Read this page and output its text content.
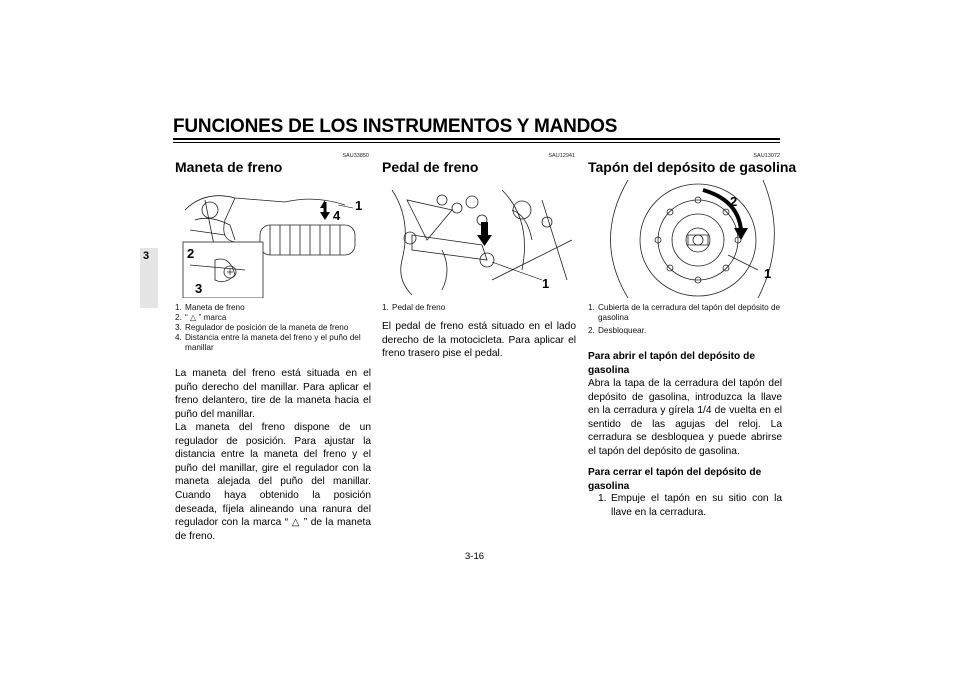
FUNCIONES DE LOS INSTRUMENTOS Y MANDOS
3
SAU33850
Maneta de freno
1
4
2
3
1. Maneta de freno
2. “ △ ” marca
3. Regulador de posición de la maneta de freno
4. Distancia entre la maneta del freno y el puño del manillar
La maneta del freno está situada en el puño derecho del manillar. Para aplicar el freno delantero, tire de la maneta hacia el puño del manillar.
La maneta del freno dispone de un regulador de posición. Para ajustar la distancia entre la maneta del freno y el puño del manillar, gire el regulador con la maneta alejada del puño del manillar. Cuando haya obtenido la posición deseada, fíjela alineando una ranura del regulador con la marca “ △ ” de la maneta de freno.
SAU12941
Pedal de freno
1
1. Pedal de freno
El pedal de freno está situado en el lado derecho de la motocicleta. Para aplicar el freno trasero pise el pedal.
SAU13072
Tapón del depósito de gasolina
2
1
1. Cubierta de la cerradura del tapón del depósito de gasolina
2. Desbloquear.
Para abrir el tapón del depósito de gasolina
Abra la tapa de la cerradura del tapón del depósito de gasolina, introduzca la llave en la cerradura y gírela 1/4 de vuelta en el sentido de las agujas del reloj. La cerradura se desbloquea y puede abrirse el tapón del depósito de gasolina.
Para cerrar el tapón del depósito de gasolina
1. Empuje el tapón en su sitio con la llave en la cerradura.
3-16
